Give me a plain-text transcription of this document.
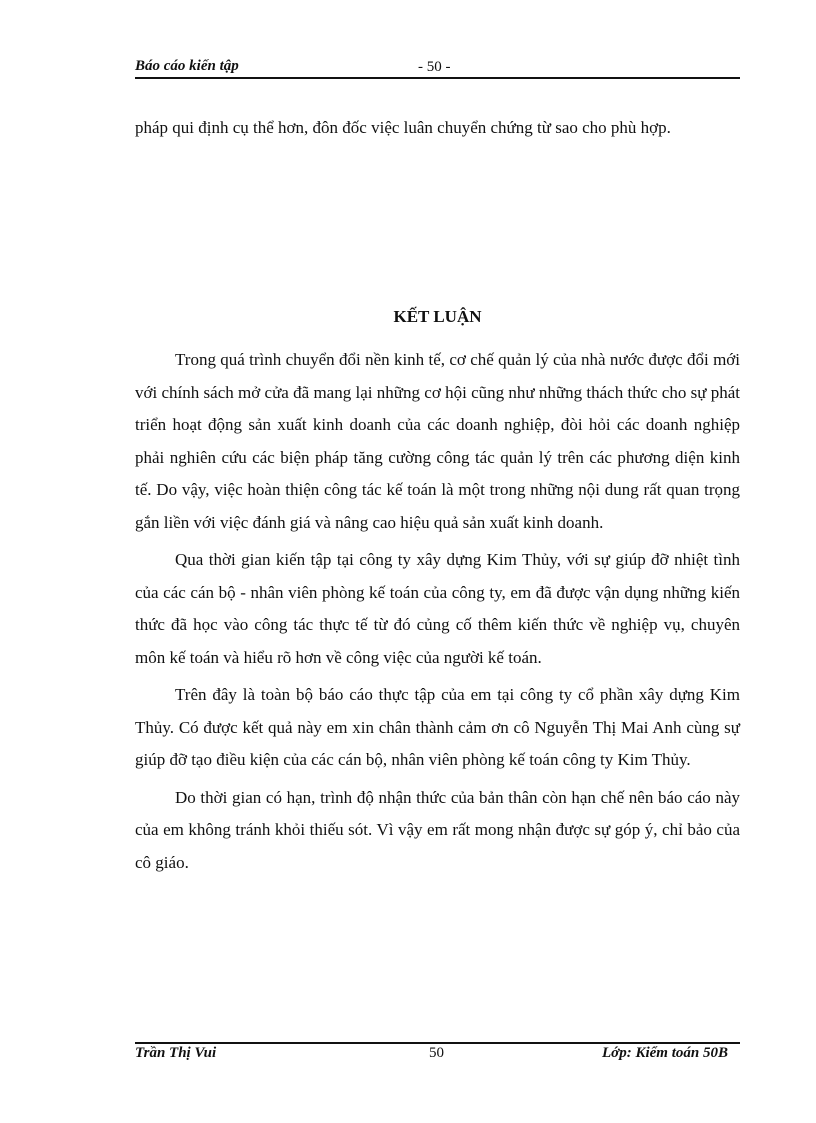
Báo cáo kiến tập	- 50 -
pháp qui định cụ thể hơn, đôn đốc việc luân chuyển chứng từ sao cho phù hợp.
KẾT LUẬN

Trong quá trình chuyển đổi nền kinh tế, cơ chế quản lý của nhà nước được đổi mới với chính sách mở cửa đã mang lại những cơ hội cũng như những thách thức cho sự phát triển hoạt động sản xuất kinh doanh của các doanh nghiệp, đòi hỏi các doanh nghiệp phải nghiên cứu các biện pháp tăng cường công tác quản lý trên các phương diện kinh tế. Do vậy, việc hoàn thiện công tác kế toán là một trong những nội dung rất quan trọng gắn liền với việc đánh giá và nâng cao hiệu quả sản xuất kinh doanh.

Qua thời gian kiến tập tại công ty xây dựng Kim Thủy, với sự giúp đỡ nhiệt tình của các cán bộ - nhân viên phòng kế toán của công ty, em đã được vận dụng những kiến thức đã học vào công tác thực tế từ đó củng cố thêm kiến thức về nghiệp vụ, chuyên môn kế toán và hiểu rõ hơn về công việc của người kế toán.

Trên đây là toàn bộ báo cáo thực tập của em tại công ty cổ phần xây dựng Kim Thủy. Có được kết quả này em xin chân thành cảm ơn cô Nguyễn Thị Mai Anh cùng sự giúp đỡ tạo điều kiện của các cán bộ, nhân viên phòng kế toán công ty Kim Thủy.

Do thời gian có hạn, trình độ nhận thức của bản thân còn hạn chế nên báo cáo này của em không tránh khỏi thiếu sót. Vì vậy em rất mong nhận được sự góp ý, chỉ bảo của cô giáo.

Trần Thị Vui	50	Lớp: Kiểm toán 50B
